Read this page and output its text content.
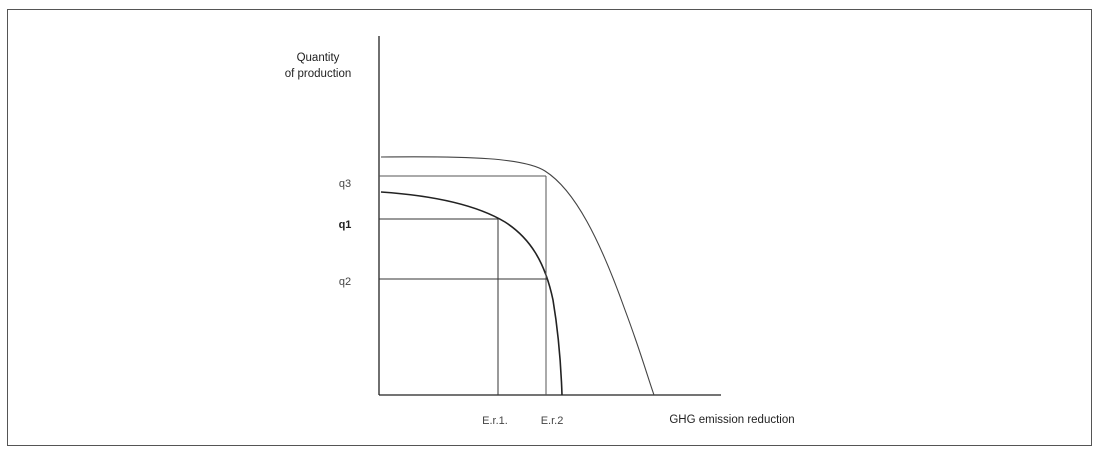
Quantity
of production
q3
q1
q2
E.r.1.	E.r.2	GHG emission reduction
